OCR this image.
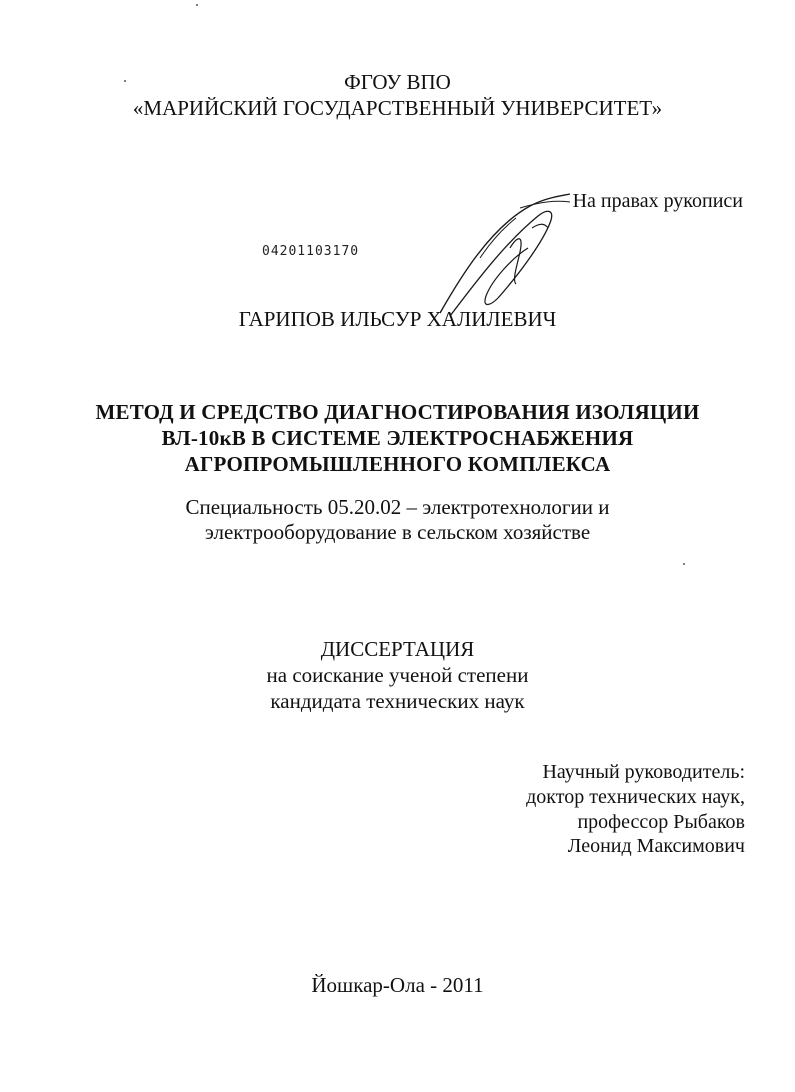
ФГОУ ВПО
«МАРИЙСКИЙ ГОСУДАРСТВЕННЫЙ УНИВЕРСИТЕТ»
На правах рукописи
04201103170
ГАРИПОВ ИЛЬСУР ХАЛИЛЕВИЧ
МЕТОД И СРЕДСТВО ДИАГНОСТИРОВАНИЯ ИЗОЛЯЦИИ
ВЛ-10кВ В СИСТЕМЕ ЭЛЕКТРОСНАБЖЕНИЯ
АГРОПРОМЫШЛЕННОГО КОМПЛЕКСА
Специальность 05.20.02 – электротехнологии и
электрооборудование в сельском хозяйстве
ДИССЕРТАЦИЯ
на соискание ученой степени
кандидата технических наук
Научный руководитель:
доктор технических наук,
профессор Рыбаков
Леонид Максимович
Йошкар-Ола - 2011
